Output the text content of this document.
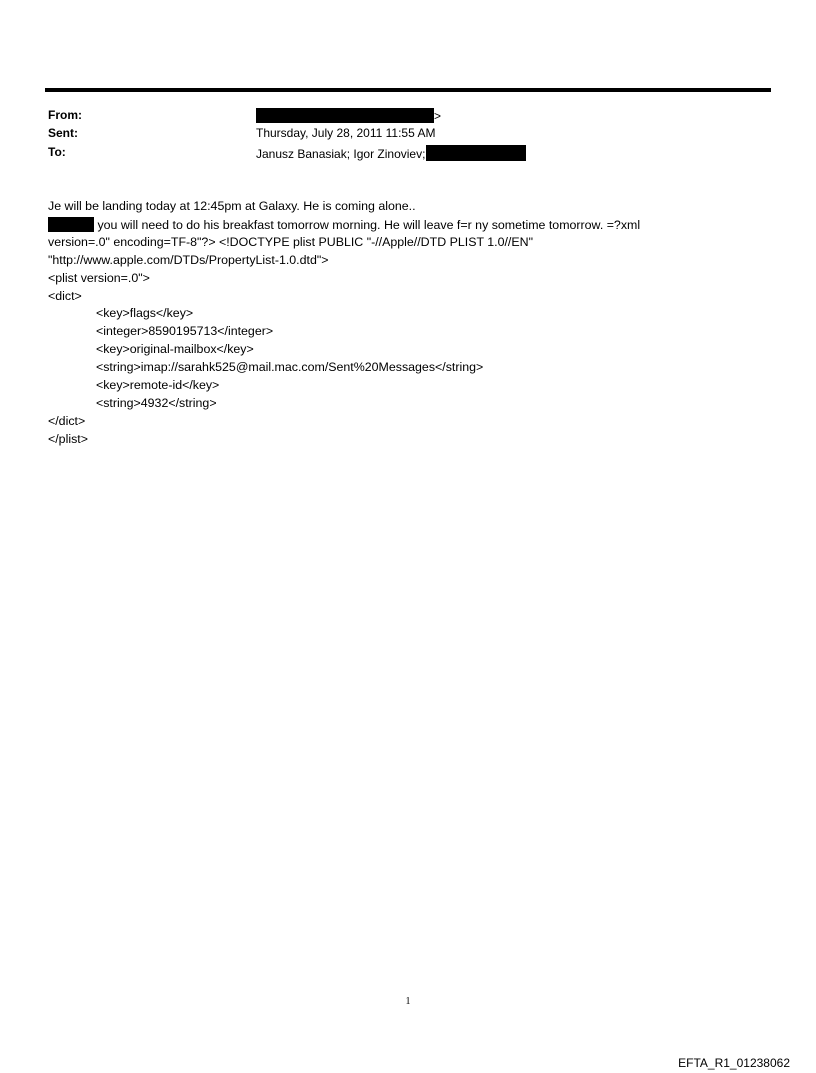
From:	>
Sent:	Thursday, July 28, 2011 11:55 AM
To:	Janusz Banasiak; Igor Zinoviev;
Je will be landing today at 12:45pm at Galaxy. He is coming alone..
you will need to do his breakfast tomorrow morning. He will leave f=r ny sometime tomorrow. =?xml
version=.0" encoding=TF-8"?> <!DOCTYPE plist PUBLIC "-//Apple//DTD PLIST 1.0//EN"
"http://www.apple.com/DTDs/PropertyList-1.0.dtd">
<plist version=.0">
<dict>
<key>flags</key>
<integer>8590195713</integer>
<key>original-mailbox</key>
<string>imap://sarahk525@mail.mac.com/Sent%20Messages</string>
<key>remote-id</key>
<string>4932</string>
</dict>
</plist>
1
EFTA_R1_01238062
